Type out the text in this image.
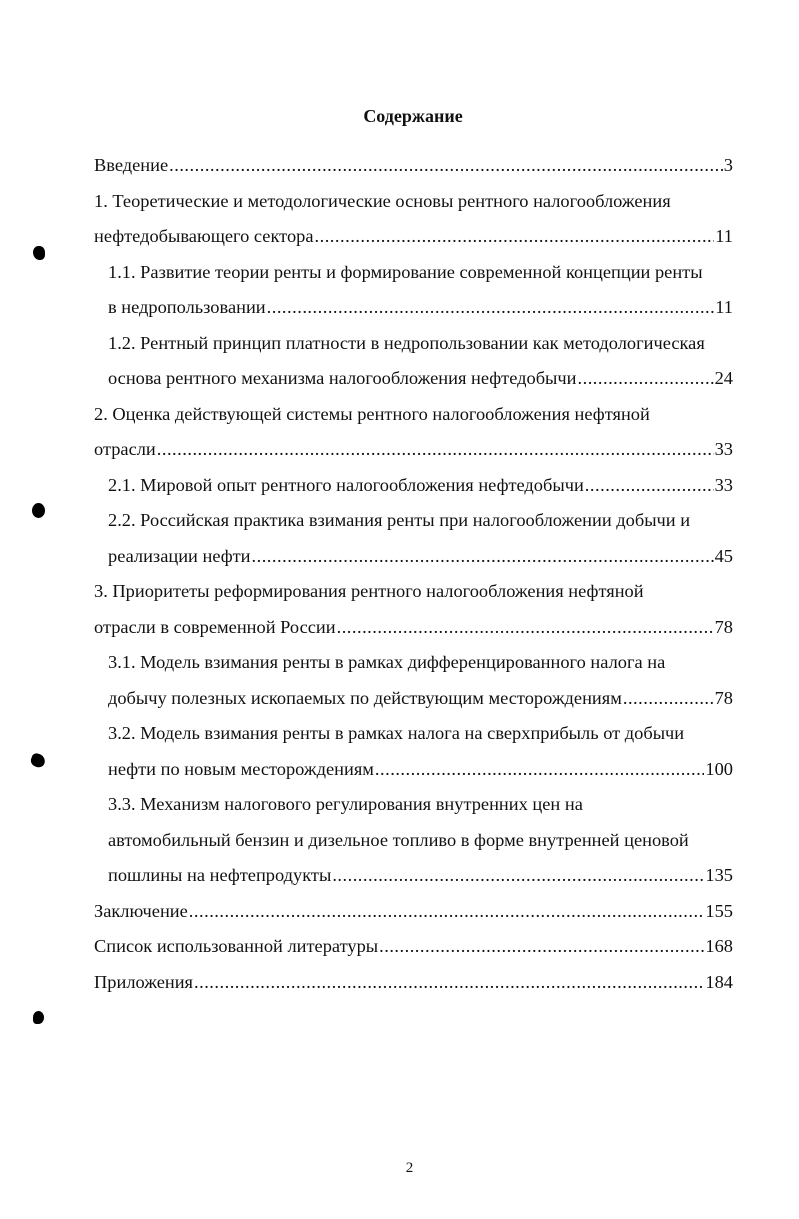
Содержание
Введение .....	3
1. Теоретические и методологические основы рентного налогообложения
нефтедобывающего сектора .....	11
1.1. Развитие теории ренты и формирование современной концепции ренты
в недропользовании .....	11
1.2. Рентный принцип платности в недропользовании как методологическая
основа рентного механизма налогообложения нефтедобычи .....	24
2. Оценка действующей системы рентного налогообложения нефтяной
отрасли .....	33
2.1. Мировой опыт рентного налогообложения нефтедобычи .....	33
2.2. Российская практика взимания ренты при налогообложении добычи и
реализации нефти .....	45
3. Приоритеты реформирования рентного налогообложения нефтяной
отрасли в современной России .....	78
3.1. Модель взимания ренты в рамках дифференцированного налога на
добычу полезных ископаемых по действующим месторождениям .....	78
3.2. Модель взимания ренты в рамках налога на сверхприбыль от добычи
нефти по новым месторождениям .....	100
3.3. Механизм налогового регулирования внутренних цен на
автомобильный бензин и дизельное топливо в форме внутренней ценовой
пошлины на нефтепродукты .....	135
Заключение .....	155
Список использованной литературы .....	168
Приложения .....	184
2
